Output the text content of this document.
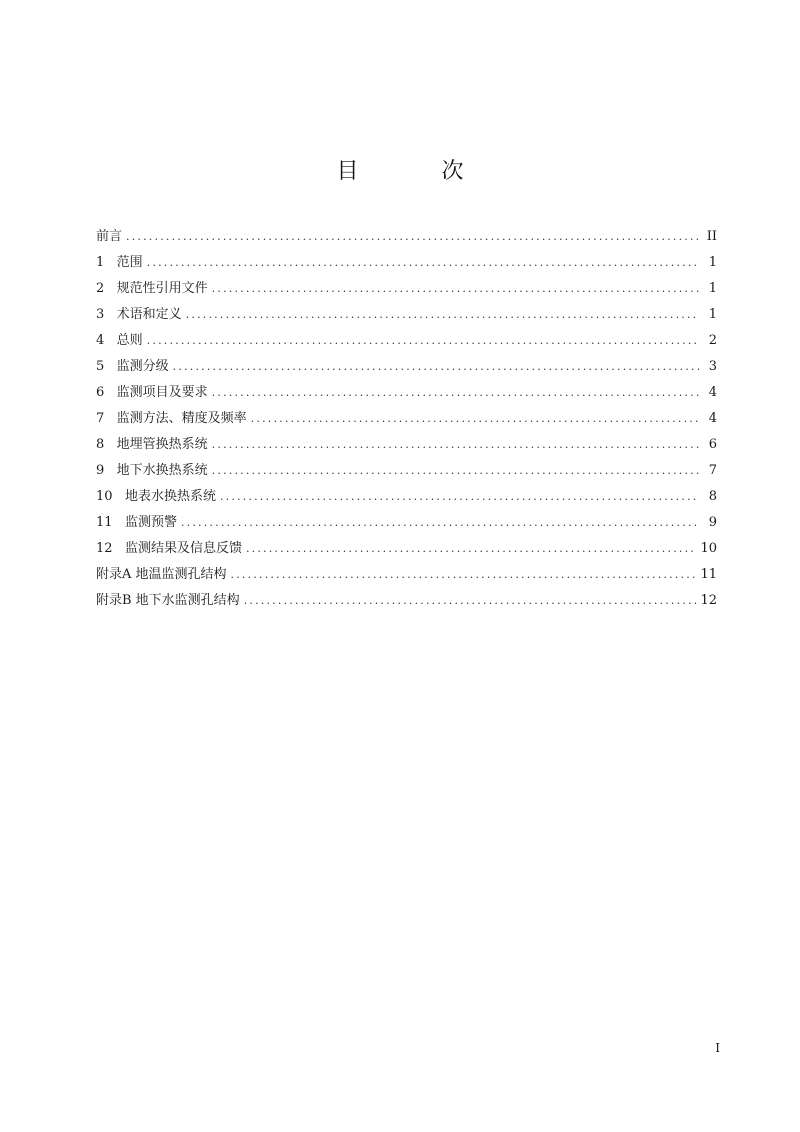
目 次
前言 .....	II
1   范围 .....	1
2   规范性引用文件 .....	1
3   术语和定义 .....	1
4   总则 .....	2
5   监测分级 .....	3
6   监测项目及要求 .....	4
7   监测方法、精度及频率 .....	4
8   地埋管换热系统 .....	6
9   地下水换热系统 .....	7
10   地表水换热系统 .....	8
11   监测预警 .....	9
12   监测结果及信息反馈 .....	10
附录A 地温监测孔结构 .....	11
附录B 地下水监测孔结构 .....	12
I
